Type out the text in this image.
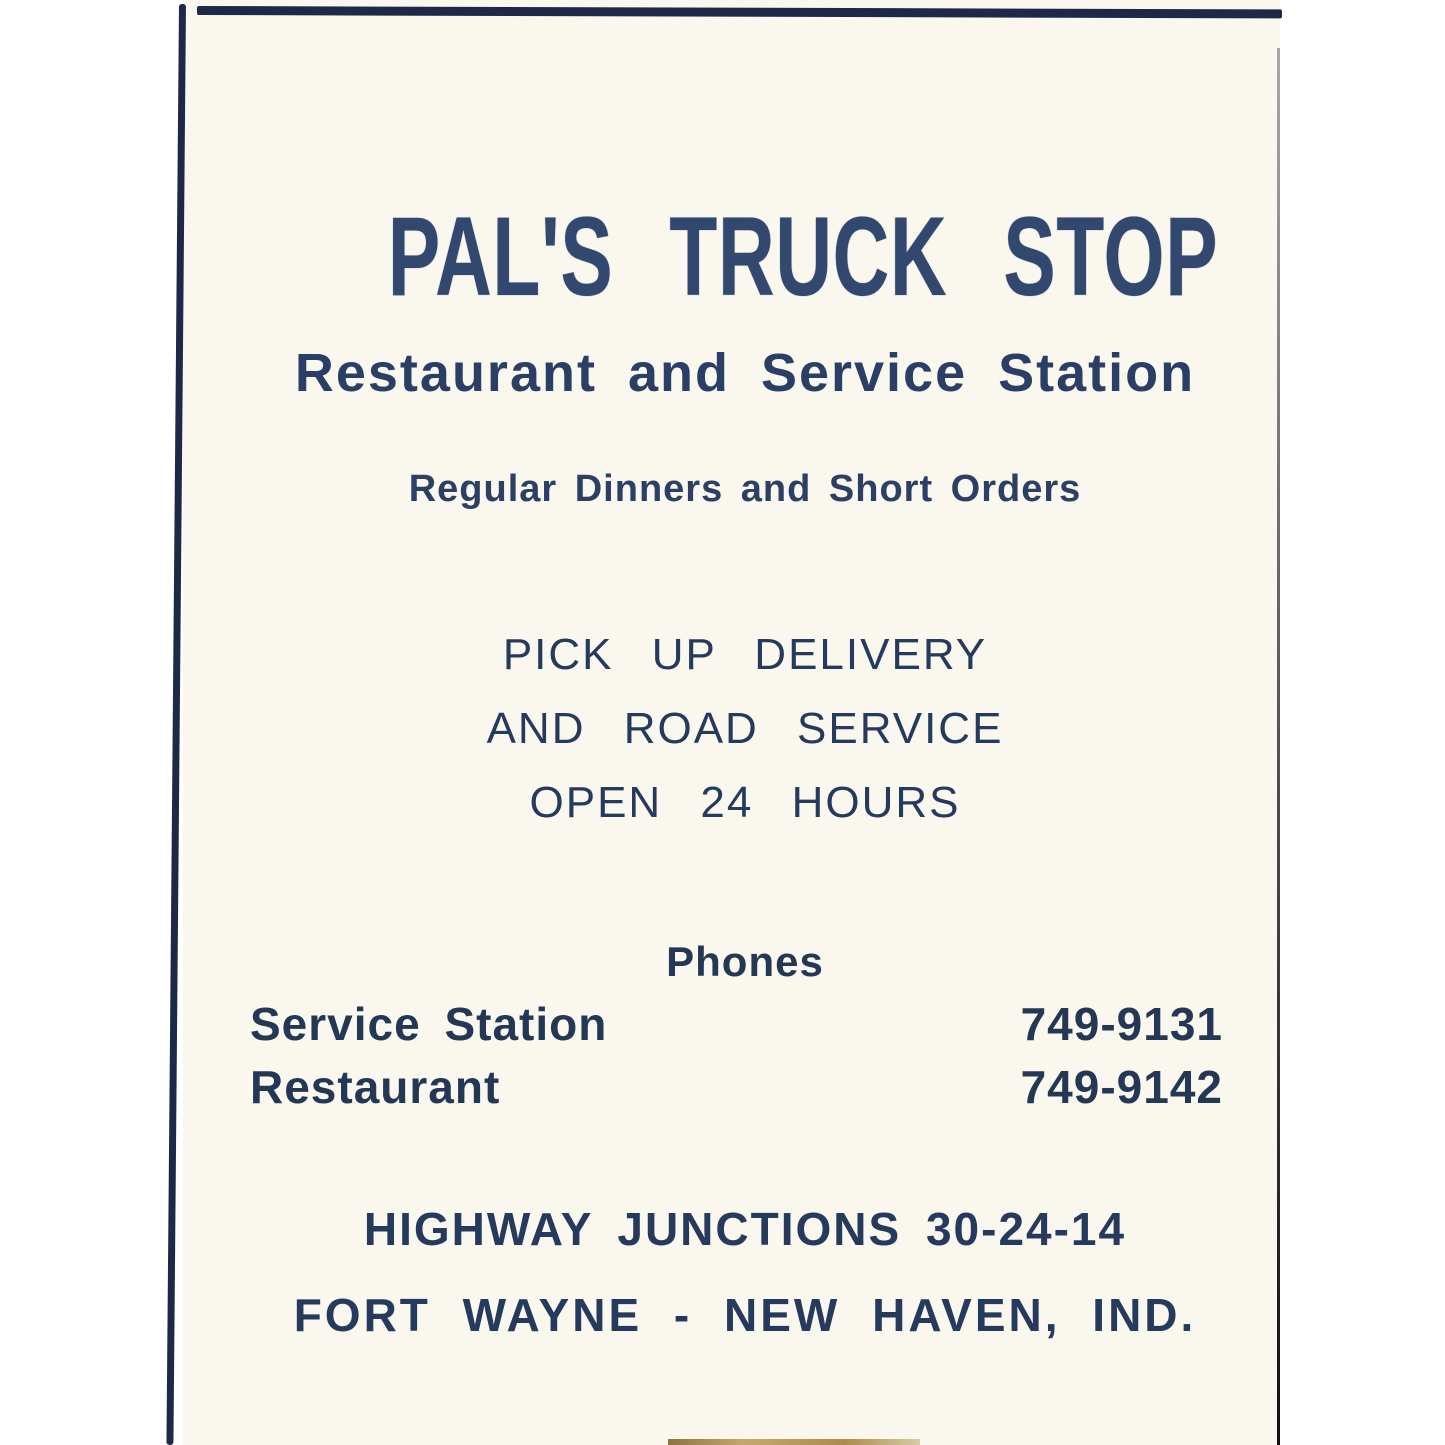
PAL'S TRUCK STOP
Restaurant and Service Station
Regular Dinners and Short Orders
PICK UP DELIVERY
AND ROAD SERVICE
OPEN 24 HOURS
Phones
Service Station	749-9131
Restaurant	749-9142
HIGHWAY JUNCTIONS 30-24-14
FORT WAYNE - NEW HAVEN, IND.
